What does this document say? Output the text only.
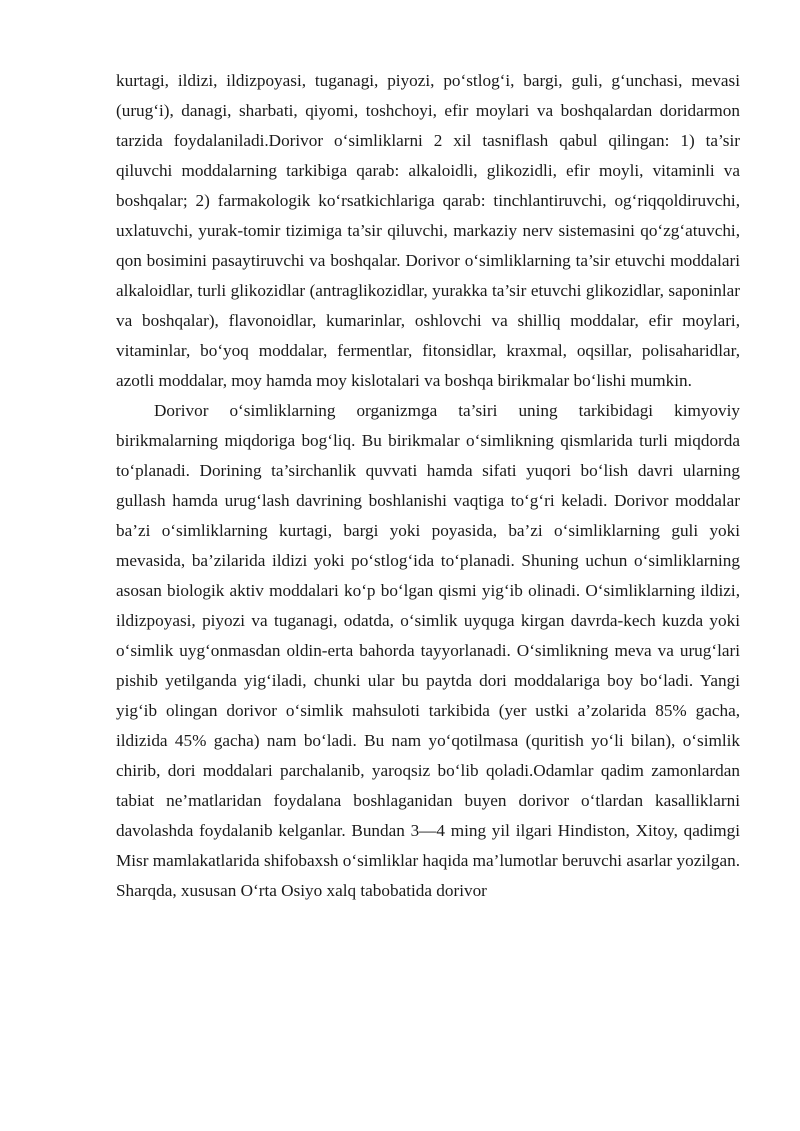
kurtagi, ildizi, ildizpoyasi, tuganagi, piyozi, po‘stlog‘i, bargi, guli, g‘unchasi, mevasi (urug‘i), danagi, sharbati, qiyomi, toshchoyi, efir moylari va boshqalardan doridarmon tarzida foydalaniladi.Dorivor o‘simliklarni 2 xil tasniflash qabul qilingan: 1) ta’sir qiluvchi moddalarning tarkibiga qarab: alkaloidli, glikozidli, efir moyli, vitaminli va boshqalar; 2) farmakologik ko‘rsatkichlariga qarab: tinchlantiruvchi, og‘riqqoldiruvchi, uxlatuvchi, yurak-tomir tizimiga ta’sir qiluvchi, markaziy nerv sistemasini qo‘zg‘atuvchi, qon bosimini pasaytiruvchi va boshqalar. Dorivor o‘simliklarning ta’sir etuvchi moddalari alkaloidlar, turli glikozidlar (antraglikozidlar, yurakka ta’sir etuvchi glikozidlar, saponinlar va boshqalar), flavonoidlar, kumarinlar, oshlovchi va shilliq moddalar, efir moylari, vitaminlar, bo‘yoq moddalar, fermentlar, fitonsidlar, kraxmal, oqsillar, polisaharidlar, azotli moddalar, moy hamda moy kislotalari va boshqa birikmalar bo‘lishi mumkin.

Dorivor o‘simliklarning organizmga ta’siri uning tarkibidagi kimyoviy birikmalarning miqdoriga bog‘liq. Bu birikmalar o‘simlikning qismlarida turli miqdorda to‘planadi. Dorining ta’sirchanlik quvvati hamda sifati yuqori bo‘lish davri ularning gullash hamda urug‘lash davrining boshlanishi vaqtiga to‘g‘ri keladi. Dorivor moddalar ba’zi o‘simliklarning kurtagi, bargi yoki poyasida, ba’zi o‘simliklarning guli yoki mevasida, ba’zilarida ildizi yoki po‘stlog‘ida to‘planadi. Shuning uchun o‘simliklarning asosan biologik aktiv moddalari ko‘p bo‘lgan qismi yig‘ib olinadi. O‘simliklarning ildizi, ildizpoyasi, piyozi va tuganagi, odatda, o‘simlik uyquga kirgan davrda-kech kuzda yoki o‘simlik uyg‘onmasdan oldin-erta bahorda tayyorlanadi. O‘simlikning meva va urug‘lari pishib yetilganda yig‘iladi, chunki ular bu paytda dori moddalariga boy bo‘ladi. Yangi yig‘ib olingan dorivor o‘simlik mahsuloti tarkibida (yer ustki a’zolarida 85% gacha, ildizida 45% gacha) nam bo‘ladi. Bu nam yo‘qotilmasa (quritish yo‘li bilan), o‘simlik chirib, dori moddalari parchalanib, yaroqsiz bo‘lib qoladi.Odamlar qadim zamonlardan tabiat ne’matlaridan foydalana boshlaganidan buyen dorivor o‘tlardan kasalliklarni davolashda foydalanib kelganlar. Bundan 3—4 ming yil ilgari Hindiston, Xitoy, qadimgi Misr mamlakatlarida shifobaxsh o‘simliklar haqida ma’lumotlar beruvchi asarlar yozilgan. Sharqda, xususan O‘rta Osiyo xalq tabobatida dorivor
